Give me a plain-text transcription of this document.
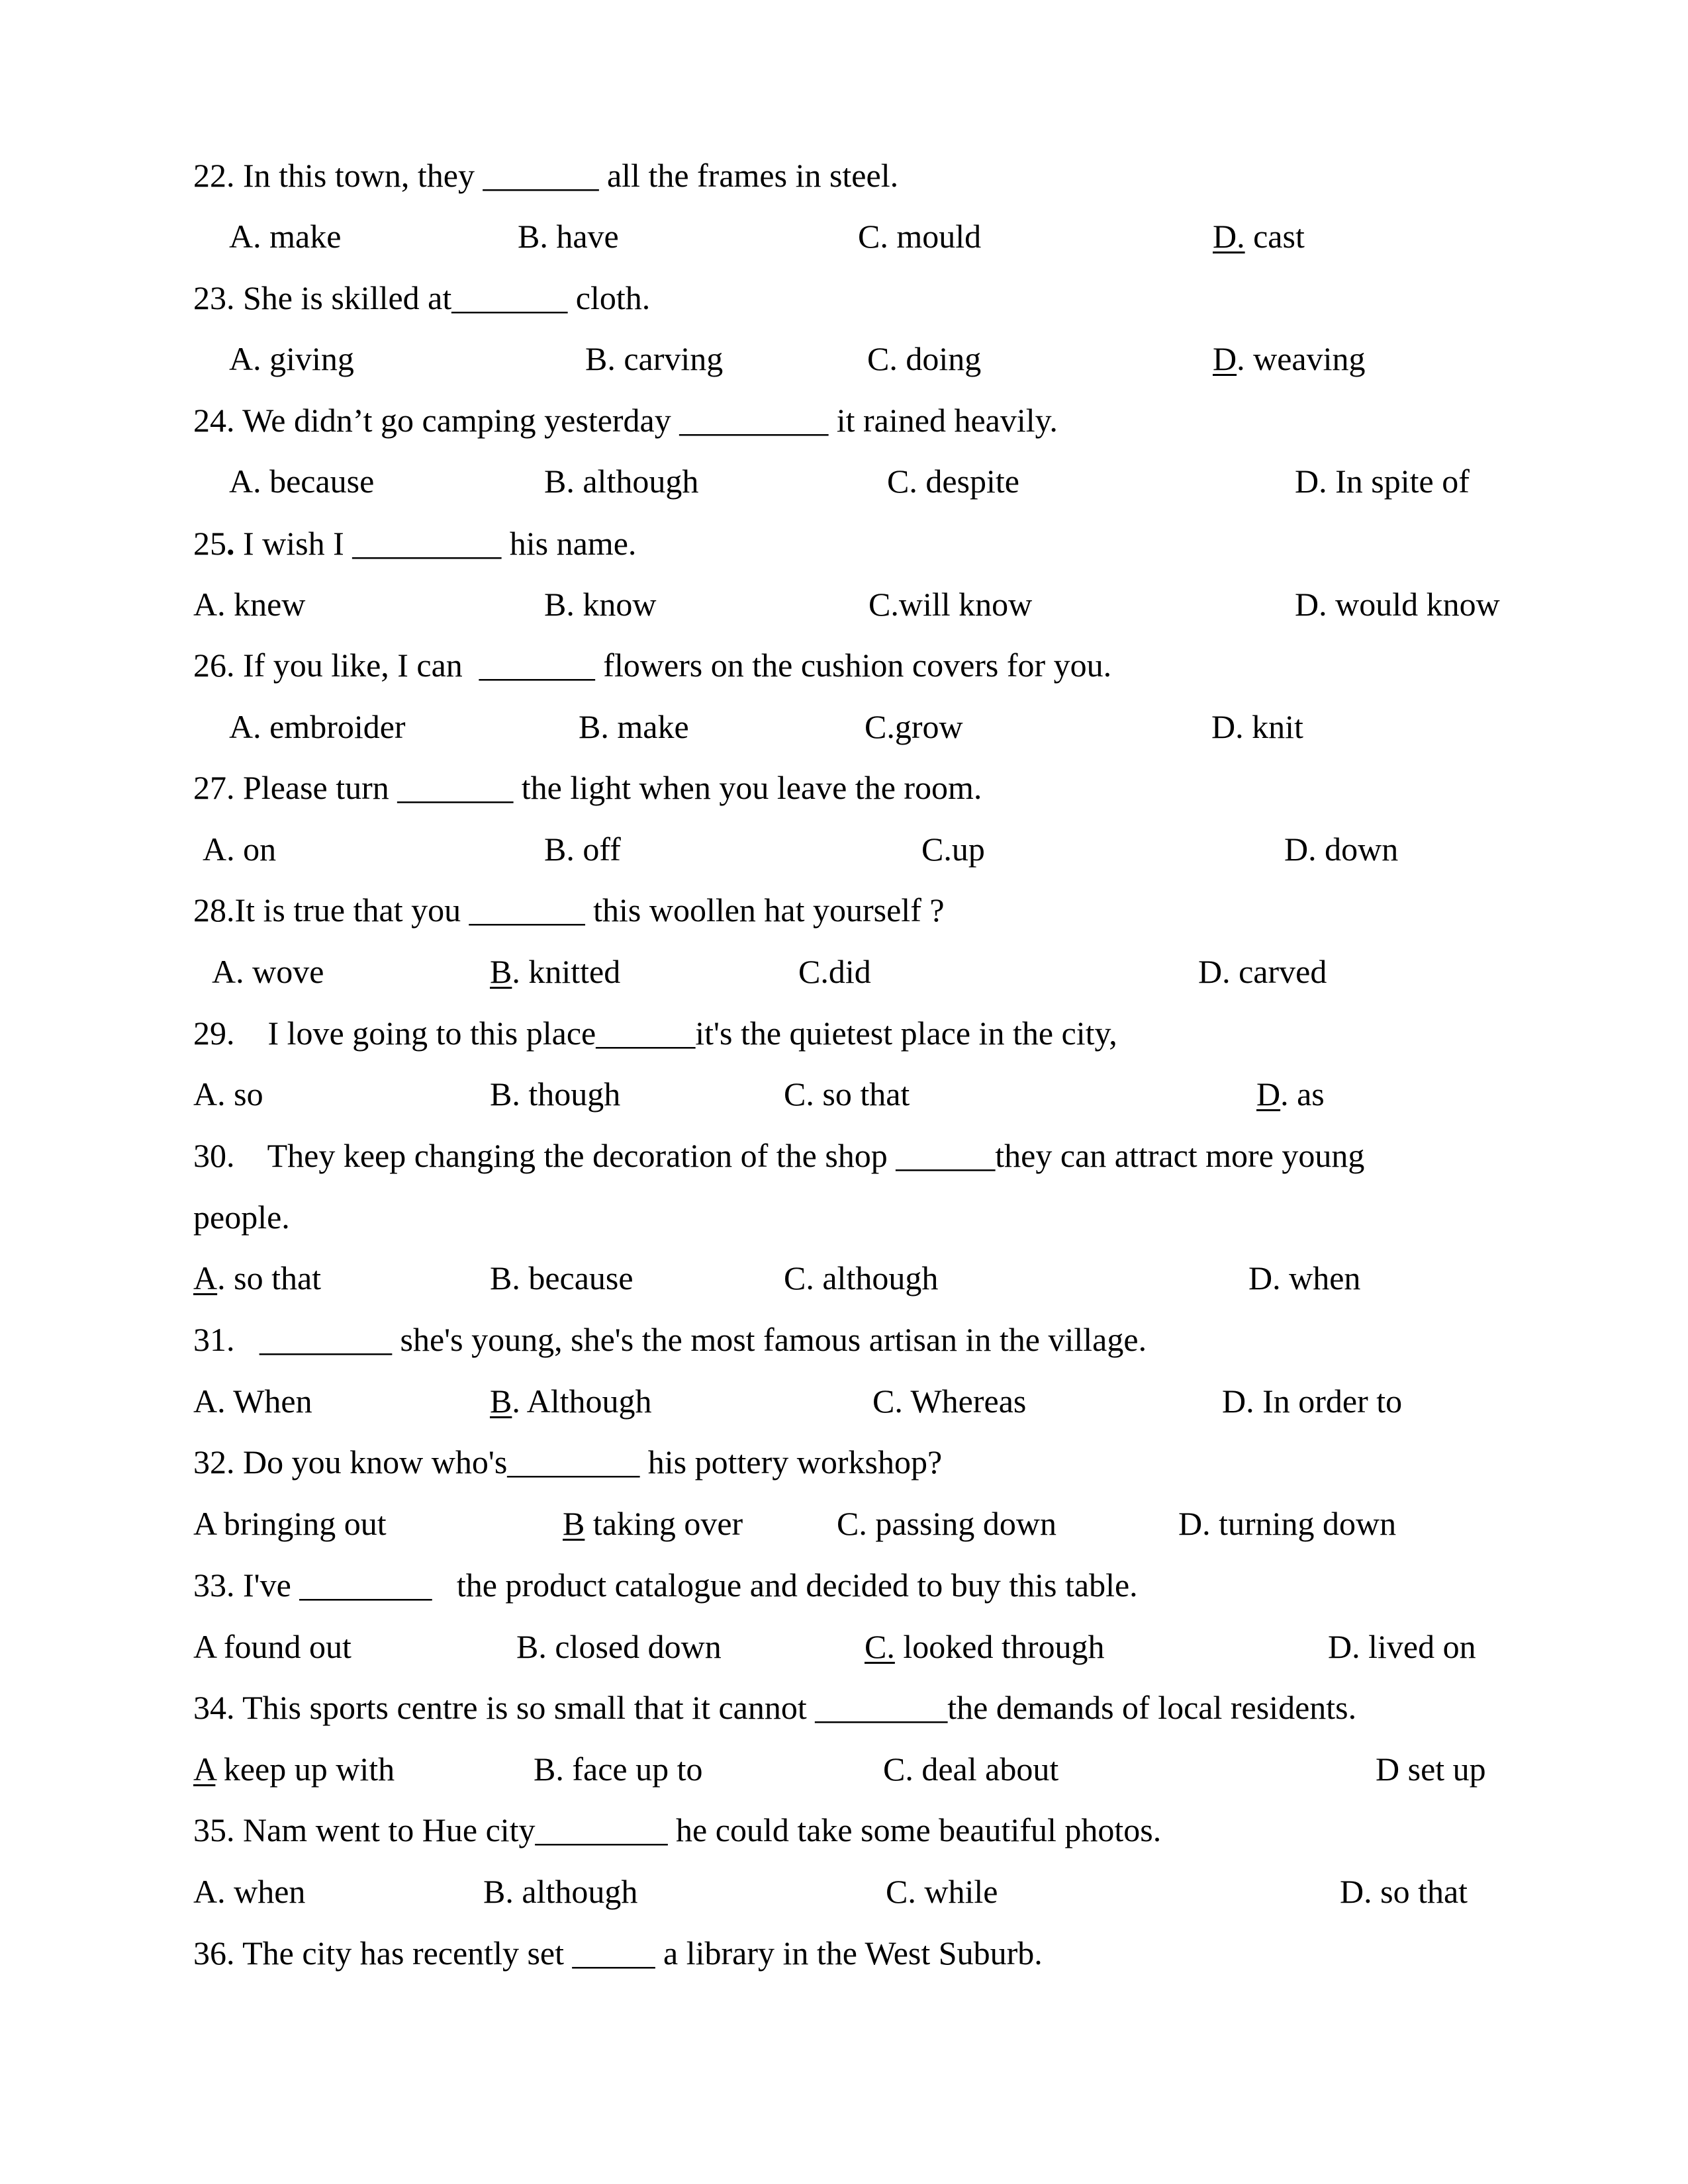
22. In this town, they _______ all the frames in steel.
A. make	B. have	C. mould	D. cast
23. She is skilled at_______ cloth.
A. giving	B. carving	C. doing	D. weaving
24. We didn’t go camping yesterday _________ it rained heavily.
A. because	B. although	C. despite	D. In spite of
25. I wish I _________ his name.
A. knew	B. know	C.will know	D. would know
26. If you like, I can  _______ flowers on the cushion covers for you.
A. embroider	B. make	C.grow	D. knit
27. Please turn _______ the light when you leave the room.
A. on	B. off	C.up	D. down
28.It is true that you _______ this woollen hat yourself ?
A. wove	B. knitted	C.did	D. carved
29.    I love going to this place______it's the quietest place in the city,
A. so	B. though	C. so that	D. as
30.    They keep changing the decoration of the shop ______they can attract more young
people.
A. so that	B. because	C. although	D. when
31.   ________ she's young, she's the most famous artisan in the village.
A. When	B. Although	C. Whereas	D. In order to
32. Do you know who's________ his pottery workshop?
A bringing out	B taking over	C. passing down	D. turning down
33. I've ________   the product catalogue and decided to buy this table.
A found out	B. closed down	C. looked through	D. lived on
34. This sports centre is so small that it cannot ________the demands of local residents.
A keep up with	B. face up to	C. deal about	D set up
35. Nam went to Hue city________ he could take some beautiful photos.
A. when	B. although	C. while	D. so that
36. The city has recently set _____ a library in the West Suburb.
